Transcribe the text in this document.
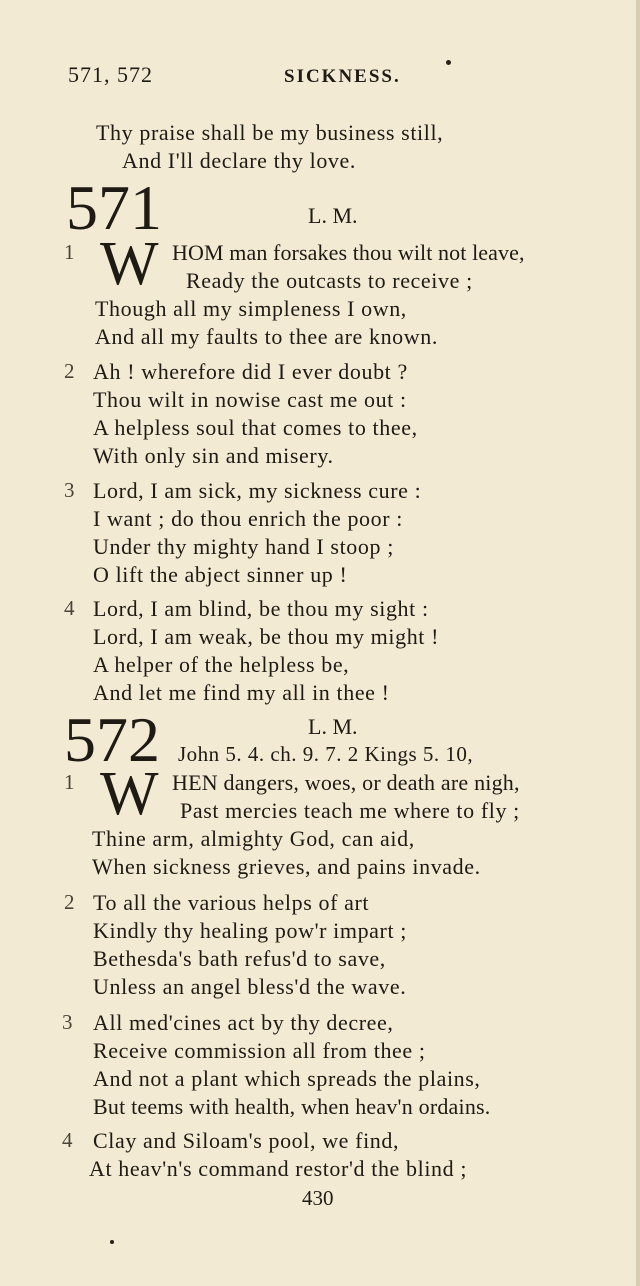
571, 572	SICKNESS.
Thy praise shall be my business still,
And I'll declare thy love.
571	L. M.
1 W HOM man forsakes thou wilt not leave,
Ready the outcasts to receive ;
Though all my simpleness I own,
And all my faults to thee are known.
2 Ah ! wherefore did I ever doubt ?
Thou wilt in nowise cast me out :
A helpless soul that comes to thee,
With only sin and misery.
3 Lord, I am sick, my sickness cure :
I want ; do thou enrich the poor :
Under thy mighty hand I stoop ;
O lift the abject sinner up !
4 Lord, I am blind, be thou my sight :
Lord, I am weak, be thou my might !
A helper of the helpless be,
And let me find my all in thee !
572	L. M.
John 5. 4. ch. 9. 7. 2 Kings 5. 10,
1 W HEN dangers, woes, or death are nigh,
Past mercies teach me where to fly ;
Thine arm, almighty God, can aid,
When sickness grieves, and pains invade.
2 To all the various helps of art
Kindly thy healing pow'r impart ;
Bethesda's bath refus'd to save,
Unless an angel bless'd the wave.
3 All med'cines act by thy decree,
Receive commission all from thee ;
And not a plant which spreads the plains,
But teems with health, when heav'n ordains.
4 Clay and Siloam's pool, we find,
At heav'n's command restor'd the blind ;
430
